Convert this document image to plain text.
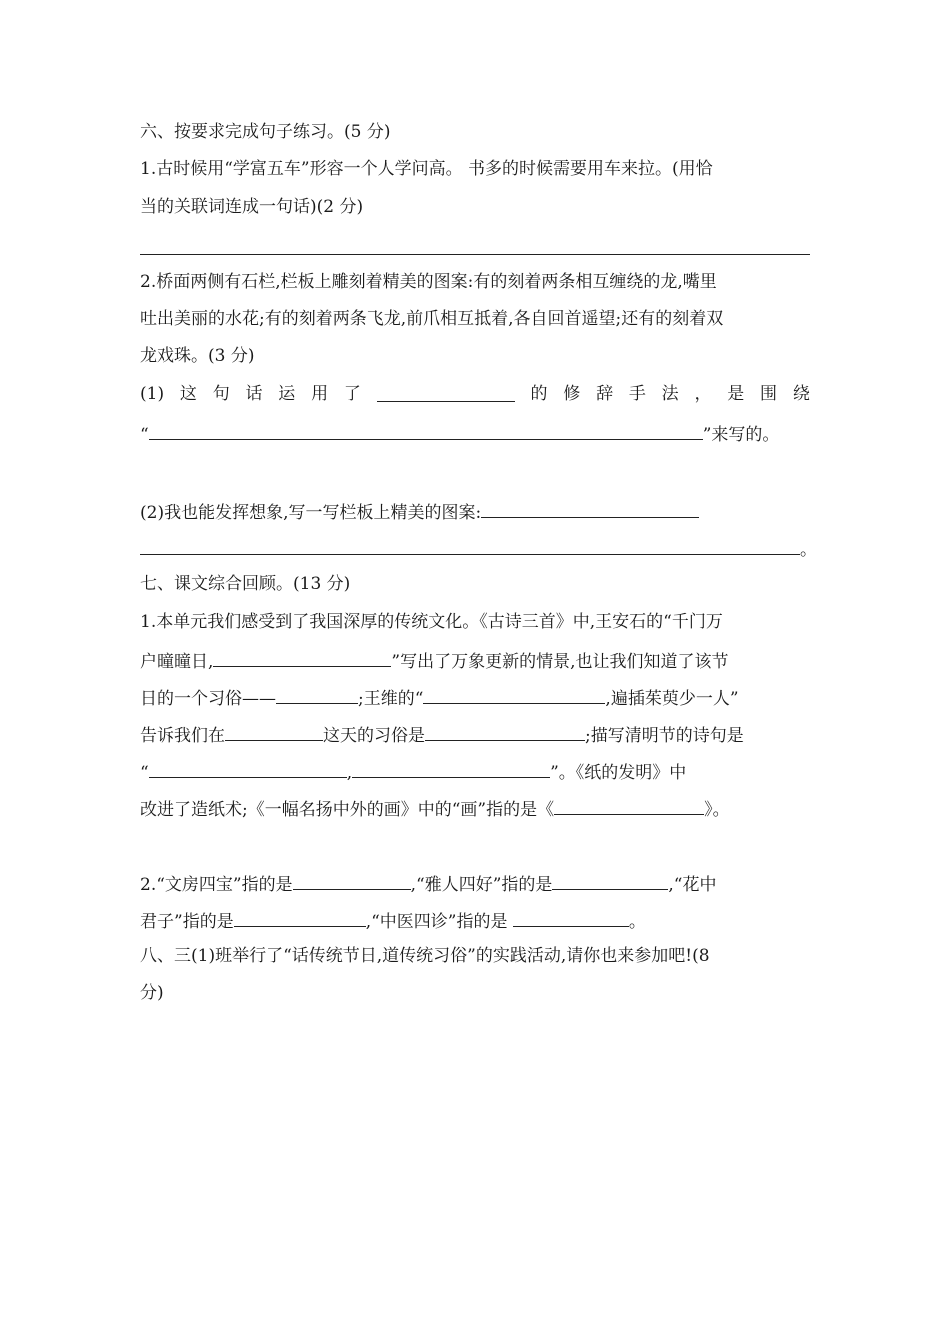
六、按要求完成句子练习。(5 分)
1.古时候用“学富五车”形容一个人学问高。 书多的时候需要用车来拉。(用恰
当的关联词连成一句话)(2 分)
2.桥面两侧有石栏,栏板上雕刻着精美的图案:有的刻着两条相互缠绕的龙,嘴里
吐出美丽的水花;有的刻着两条飞龙,前爪相互抵着,各自回首遥望;还有的刻着双
龙戏珠。(3 分)
(1) 这 句 话 运 用 了	的 修 辞 手 法 ， 是 围 绕
“	”来写的。
(2)我也能发挥想象,写一写栏板上精美的图案:
。
七、课文综合回顾。(13 分)
1.本单元我们感受到了我国深厚的传统文化。《古诗三首》中,王安石的“千门万
户曈曈日,	”写出了万象更新的情景,也让我们知道了该节
日的一个习俗——	;王维的“	,遍插茱萸少一人”
告诉我们在	这天的习俗是	;描写清明节的诗句是
“	,	”。《纸的发明》中
改进了造纸术;《一幅名扬中外的画》中的“画”指的是《	》。
2.“文房四宝”指的是	,“雅人四好”指的是	,“花中
君子”指的是	,“中医四诊”指的是	。
八、三(1)班举行了“话传统节日,道传统习俗”的实践活动,请你也来参加吧!(8
分)
